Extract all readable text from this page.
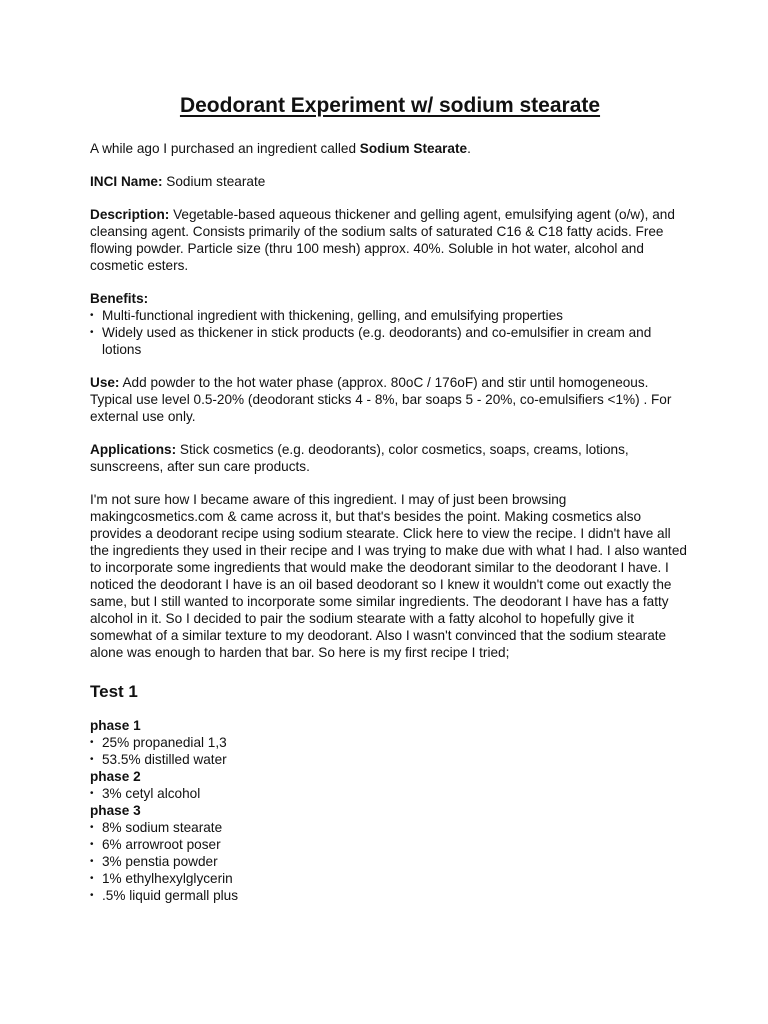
Deodorant Experiment w/ sodium stearate

A while ago I purchased an ingredient called Sodium Stearate.

INCI Name: Sodium stearate

Description: Vegetable-based aqueous thickener and gelling agent, emulsifying agent (o/w), and cleansing agent. Consists primarily of the sodium salts of saturated C16 & C18 fatty acids. Free flowing powder. Particle size (thru 100 mesh) approx. 40%. Soluble in hot water, alcohol and cosmetic esters.

Benefits:
• Multi-functional ingredient with thickening, gelling, and emulsifying properties
• Widely used as thickener in stick products (e.g. deodorants) and co-emulsifier in cream and lotions

Use: Add powder to the hot water phase (approx. 80oC / 176oF) and stir until homogeneous. Typical use level 0.5-20% (deodorant sticks 4 - 8%, bar soaps 5 - 20%, co-emulsifiers <1%) . For external use only.

Applications: Stick cosmetics (e.g. deodorants), color cosmetics, soaps, creams, lotions, sunscreens, after sun care products.

I'm not sure how I became aware of this ingredient. I may of just been browsing makingcosmetics.com & came across it, but that's besides the point. Making cosmetics also provides a deodorant recipe using sodium stearate. Click here to view the recipe. I didn't have all the ingredients they used in their recipe and I was trying to make due with what I had. I also wanted to incorporate some ingredients that would make the deodorant similar to the deodorant I have. I noticed the deodorant I have is an oil based deodorant so I knew it wouldn't come out exactly the same, but I still wanted to incorporate some similar ingredients. The deodorant I have has a fatty alcohol in it. So I decided to pair the sodium stearate with a fatty alcohol to hopefully give it somewhat of a similar texture to my deodorant. Also I wasn't convinced that the sodium stearate alone was enough to harden that bar. So here is my first recipe I tried;

Test 1
phase 1
• 25% propanedial 1,3
• 53.5% distilled water
phase 2
• 3% cetyl alcohol
phase 3
• 8% sodium stearate
• 6% arrowroot poser
• 3% penstia powder
• 1% ethylhexylglycerin
• .5% liquid germall plus
